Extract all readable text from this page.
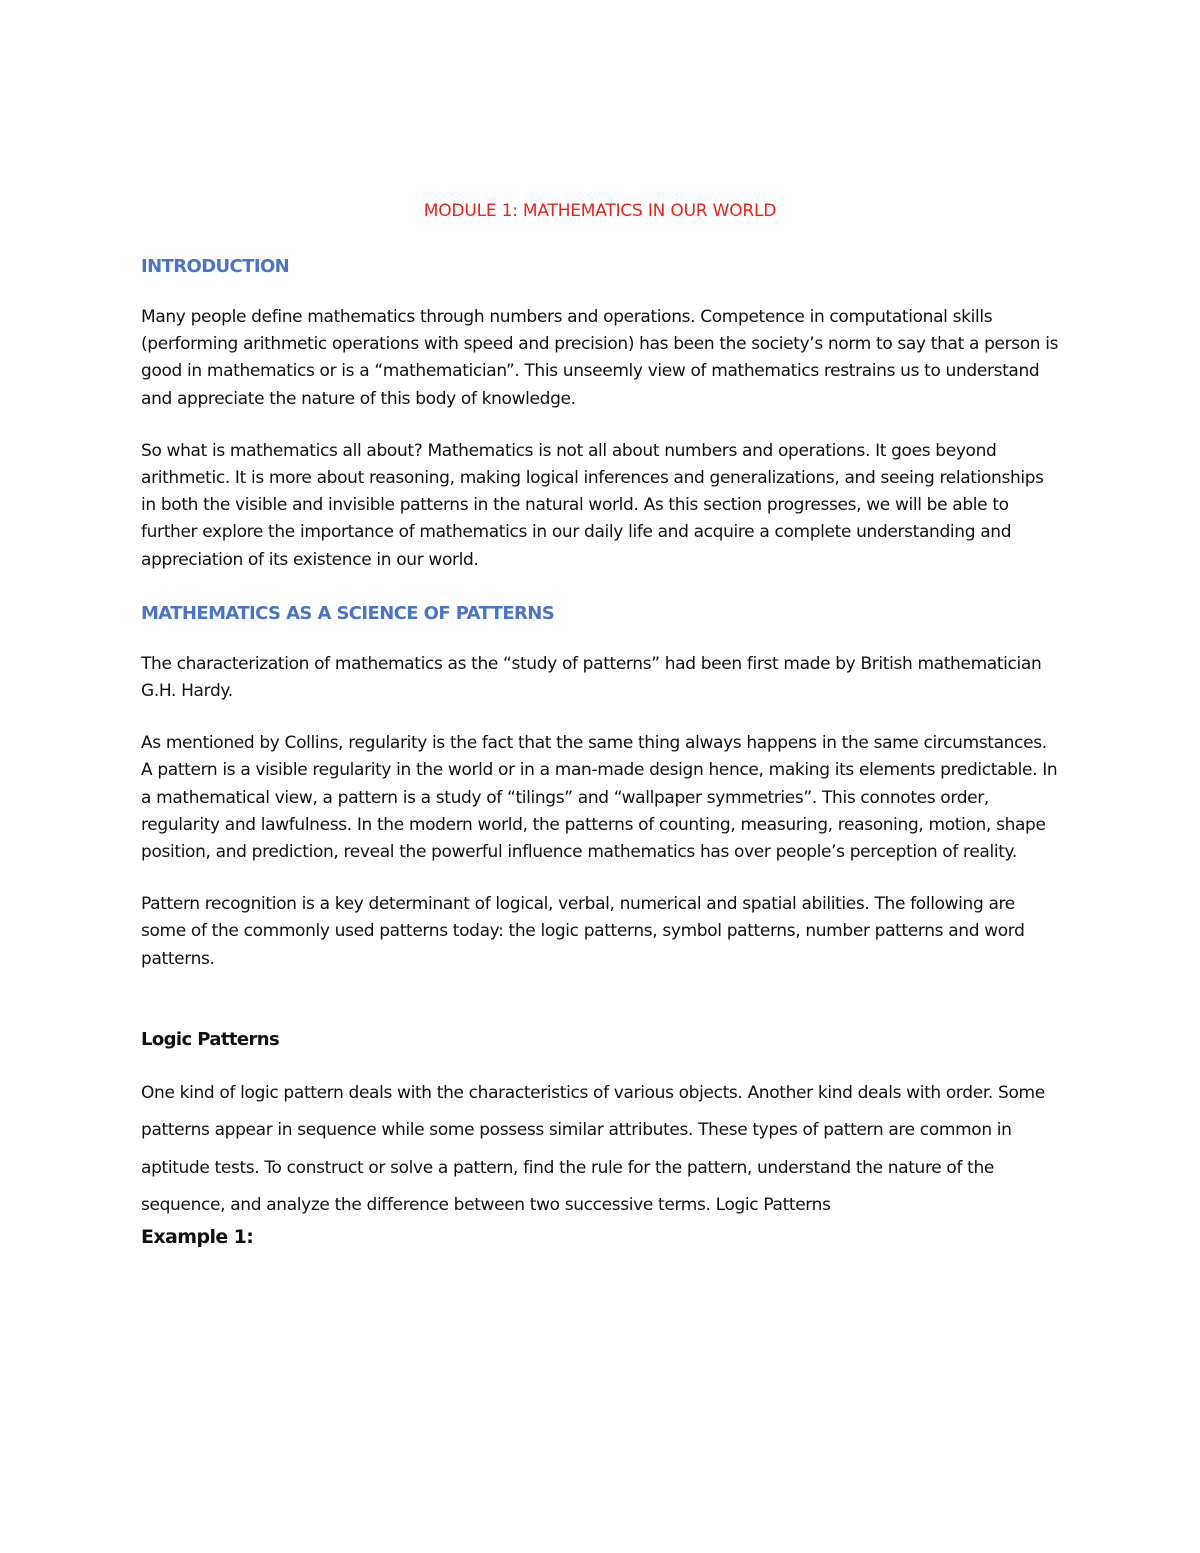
MODULE 1: MATHEMATICS IN OUR WORLD
INTRODUCTION

Many people define mathematics through numbers and operations. Competence in computational skills (performing arithmetic operations with speed and precision) has been the society’s norm to say that a person is good in mathematics or is a “mathematician”. This unseemly view of mathematics restrains us to understand and appreciate the nature of this body of knowledge.

So what is mathematics all about? Mathematics is not all about numbers and operations. It goes beyond arithmetic. It is more about reasoning, making logical inferences and generalizations, and seeing relationships in both the visible and invisible patterns in the natural world. As this section progresses, we will be able to further explore the importance of mathematics in our daily life and acquire a complete understanding and appreciation of its existence in our world.

MATHEMATICS AS A SCIENCE OF PATTERNS

The characterization of mathematics as the “study of patterns” had been first made by British mathematician G.H. Hardy.

As mentioned by Collins, regularity is the fact that the same thing always happens in the same circumstances. A pattern is a visible regularity in the world or in a man-made design hence, making its elements predictable. In a mathematical view, a pattern is a study of “tilings” and “wallpaper symmetries”. This connotes order, regularity and lawfulness. In the modern world, the patterns of counting, measuring, reasoning, motion, shape position, and prediction, reveal the powerful influence mathematics has over people’s perception of reality.

Pattern recognition is a key determinant of logical, verbal, numerical and spatial abilities. The following are some of the commonly used patterns today: the logic patterns, symbol patterns, number patterns and word patterns.

Logic Patterns

One kind of logic pattern deals with the characteristics of various objects. Another kind deals with order. Some patterns appear in sequence while some possess similar attributes. These types of pattern are common in aptitude tests. To construct or solve a pattern, find the rule for the pattern, understand the nature of the sequence, and analyze the difference between two successive terms. Logic Patterns

Example 1:
